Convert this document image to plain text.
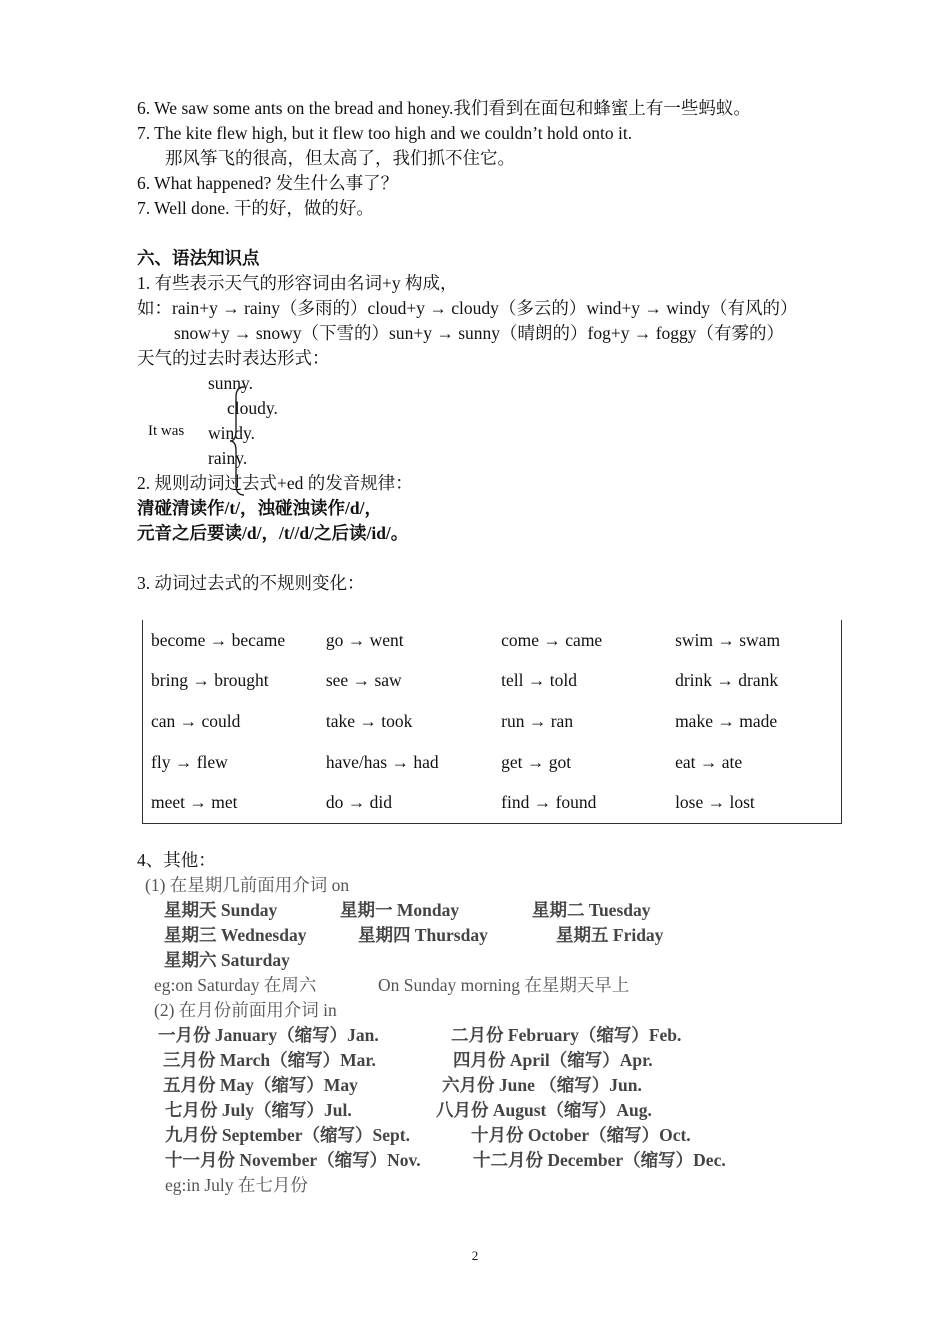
6. We saw some ants on the bread and honey.我们看到在面包和蜂蜜上有一些蚂蚁。
7. The kite flew high, but it flew too high and we couldn’t hold onto it.
那风筝飞的很高，但太高了，我们抓不住它。
6. What happened? 发生什么事了？
7. Well done. 干的好，做的好。
六、语法知识点
1. 有些表示天气的形容词由名词+y 构成，
如：rain+y → rainy（多雨的）cloud+y → cloudy（多云的）wind+y → windy（有风的）
snow+y → snowy（下雪的）sun+y → sunny（晴朗的）fog+y → foggy（有雾的）
天气的过去时表达形式：
sunny.
cloudy.
It was windy.
rainy.
2. 规则动词过去式+ed 的发音规律：
清碰清读作/t/，浊碰浊读作/d/，
元音之后要读/d/，/t//d/之后读/id/。
3. 动词过去式的不规则变化：
become → became	go → went	come → came	swim → swam
bring → brought	see → saw	tell → told	drink → drank
can → could	take → took	run → ran	make → made
fly → flew	have/has → had	get → got	eat → ate
meet → met	do → did	find → found	lose → lost
4、其他：
(1) 在星期几前面用介词 on
星期天 Sunday	星期一 Monday	星期二 Tuesday
星期三 Wednesday	星期四 Thursday	星期五 Friday
星期六 Saturday
eg:on Saturday 在周六	On Sunday morning 在星期天早上
(2) 在月份前面用介词 in
一月份 January（缩写）Jan.	二月份 February（缩写）Feb.
三月份 March（缩写）Mar.	四月份 April（缩写）Apr.
五月份 May（缩写）May	六月份 June （缩写）Jun.
七月份 July（缩写）Jul.	八月份 August（缩写）Aug.
九月份 September（缩写）Sept.	十月份 October（缩写）Oct.
十一月份 November（缩写）Nov.	十二月份 December（缩写）Dec.
eg:in July 在七月份
2
